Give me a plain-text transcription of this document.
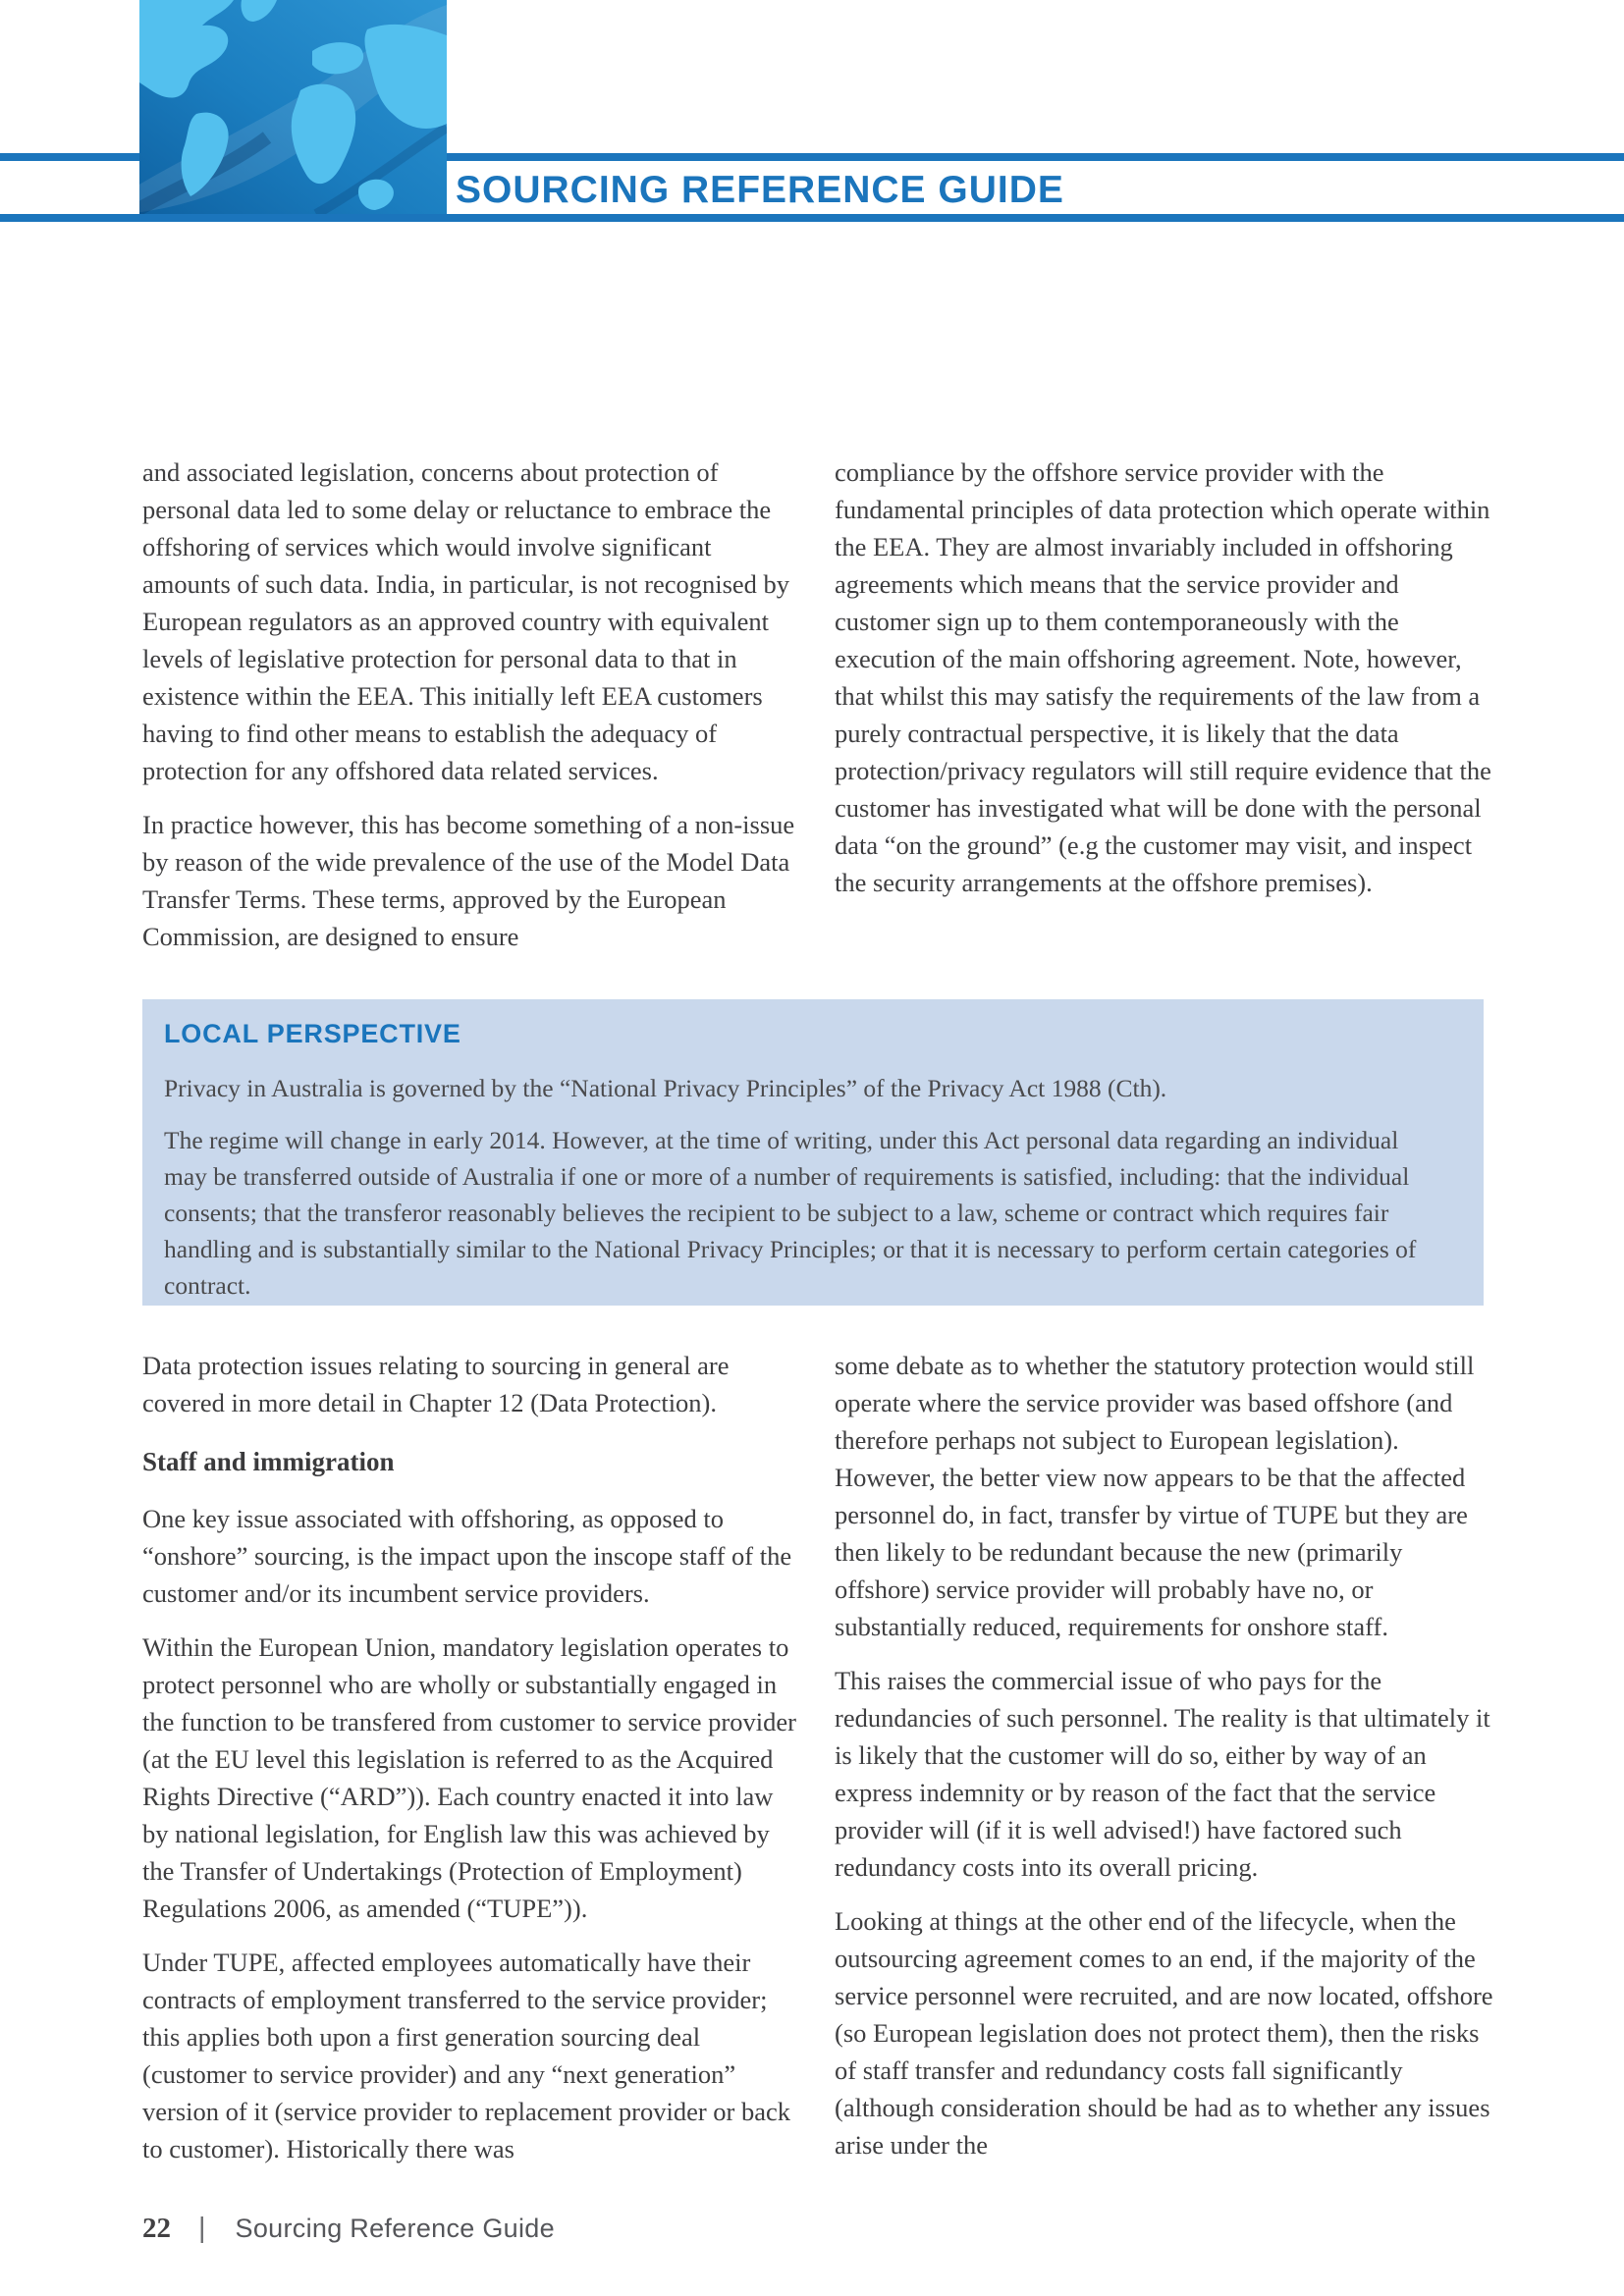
SOURCING REFERENCE GUIDE

and associated legislation, concerns about protection of personal data led to some delay or reluctance to embrace the offshoring of services which would involve significant amounts of such data. India, in particular, is not recognised by European regulators as an approved country with equivalent levels of legislative protection for personal data to that in existence within the EEA. This initially left EEA customers having to find other means to establish the adequacy of protection for any offshored data related services.

In practice however, this has become something of a non-issue by reason of the wide prevalence of the use of the Model Data Transfer Terms. These terms, approved by the European Commission, are designed to ensure

compliance by the offshore service provider with the fundamental principles of data protection which operate within the EEA. They are almost invariably included in offshoring agreements which means that the service provider and customer sign up to them contemporaneously with the execution of the main offshoring agreement. Note, however, that whilst this may satisfy the requirements of the law from a purely contractual perspective, it is likely that the data protection/privacy regulators will still require evidence that the customer has investigated what will be done with the personal data “on the ground” (e.g the customer may visit, and inspect the security arrangements at the offshore premises).

LOCAL PERSPECTIVE

Privacy in Australia is governed by the “National Privacy Principles” of the Privacy Act 1988 (Cth).

The regime will change in early 2014. However, at the time of writing, under this Act personal data regarding an individual may be transferred outside of Australia if one or more of a number of requirements is satisfied, including: that the individual consents; that the transferor reasonably believes the recipient to be subject to a law, scheme or contract which requires fair handling and is substantially similar to the National Privacy Principles; or that it is necessary to perform certain categories of contract.

Data protection issues relating to sourcing in general are covered in more detail in Chapter 12 (Data Protection).

Staff and immigration

One key issue associated with offshoring, as opposed to “onshore” sourcing, is the impact upon the inscope staff of the customer and/or its incumbent service providers.

Within the European Union, mandatory legislation operates to protect personnel who are wholly or substantially engaged in the function to be transfered from customer to service provider (at the EU level this legislation is referred to as the Acquired Rights Directive (“ARD”)). Each country enacted it into law by national legislation, for English law this was achieved by the Transfer of Undertakings (Protection of Employment) Regulations 2006, as amended (“TUPE”)).

Under TUPE, affected employees automatically have their contracts of employment transferred to the service provider; this applies both upon a first generation sourcing deal (customer to service provider) and any “next generation” version of it (service provider to replacement provider or back to customer). Historically there was

some debate as to whether the statutory protection would still operate where the service provider was based offshore (and therefore perhaps not subject to European legislation). However, the better view now appears to be that the affected personnel do, in fact, transfer by virtue of TUPE but they are then likely to be redundant because the new (primarily offshore) service provider will probably have no, or substantially reduced, requirements for onshore staff.

This raises the commercial issue of who pays for the redundancies of such personnel. The reality is that ultimately it is likely that the customer will do so, either by way of an express indemnity or by reason of the fact that the service provider will (if it is well advised!) have factored such redundancy costs into its overall pricing.

Looking at things at the other end of the lifecycle, when the outsourcing agreement comes to an end, if the majority of the service personnel were recruited, and are now located, offshore (so European legislation does not protect them), then the risks of staff transfer and redundancy costs fall significantly (although consideration should be had as to whether any issues arise under the

22 | Sourcing Reference Guide
